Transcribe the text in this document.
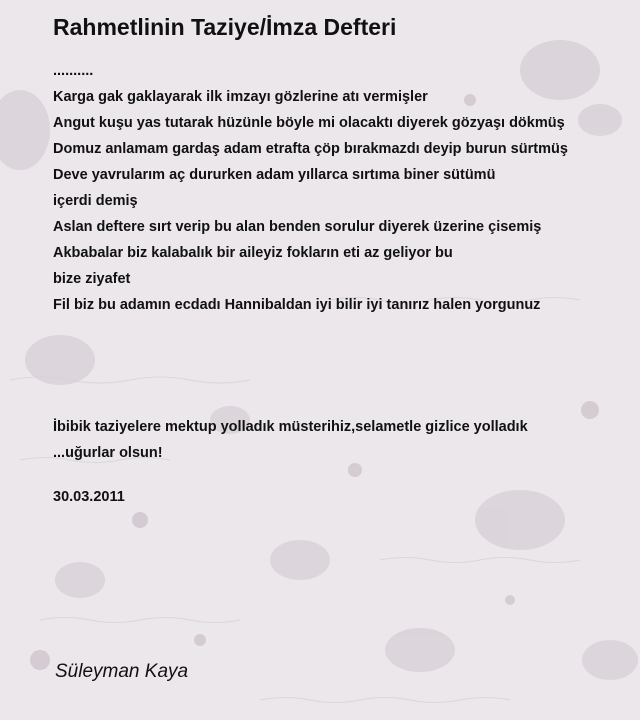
Rahmetlinin Taziye/İmza Defteri
..........
Karga gak gaklayarak ilk imzayı gözlerine atı vermişler
Angut kuşu yas tutarak hüzünle böyle mi olacaktı diyerek gözyaşı dökmüş
Domuz anlamam gardaş adam etrafta çöp bırakmazdı deyip burun sürtmüş
Deve yavrularım aç dururken adam yıllarca sırtıma biner sütümü
içerdi demiş
Aslan deftere sırt verip bu alan benden sorulur diyerek üzerine çisemiş
Akbabalar biz kalabalık bir aileyiz fokların eti az geliyor bu
bize ziyafet
Fil biz bu adamın ecdadı Hannibaldan iyi bilir iyi tanırız halen yorgunuz
İbibik taziyelere mektup yolladık müsterihiz,selametle gizlice yolladık
...uğurlar olsun!
30.03.2011
Süleyman Kaya
